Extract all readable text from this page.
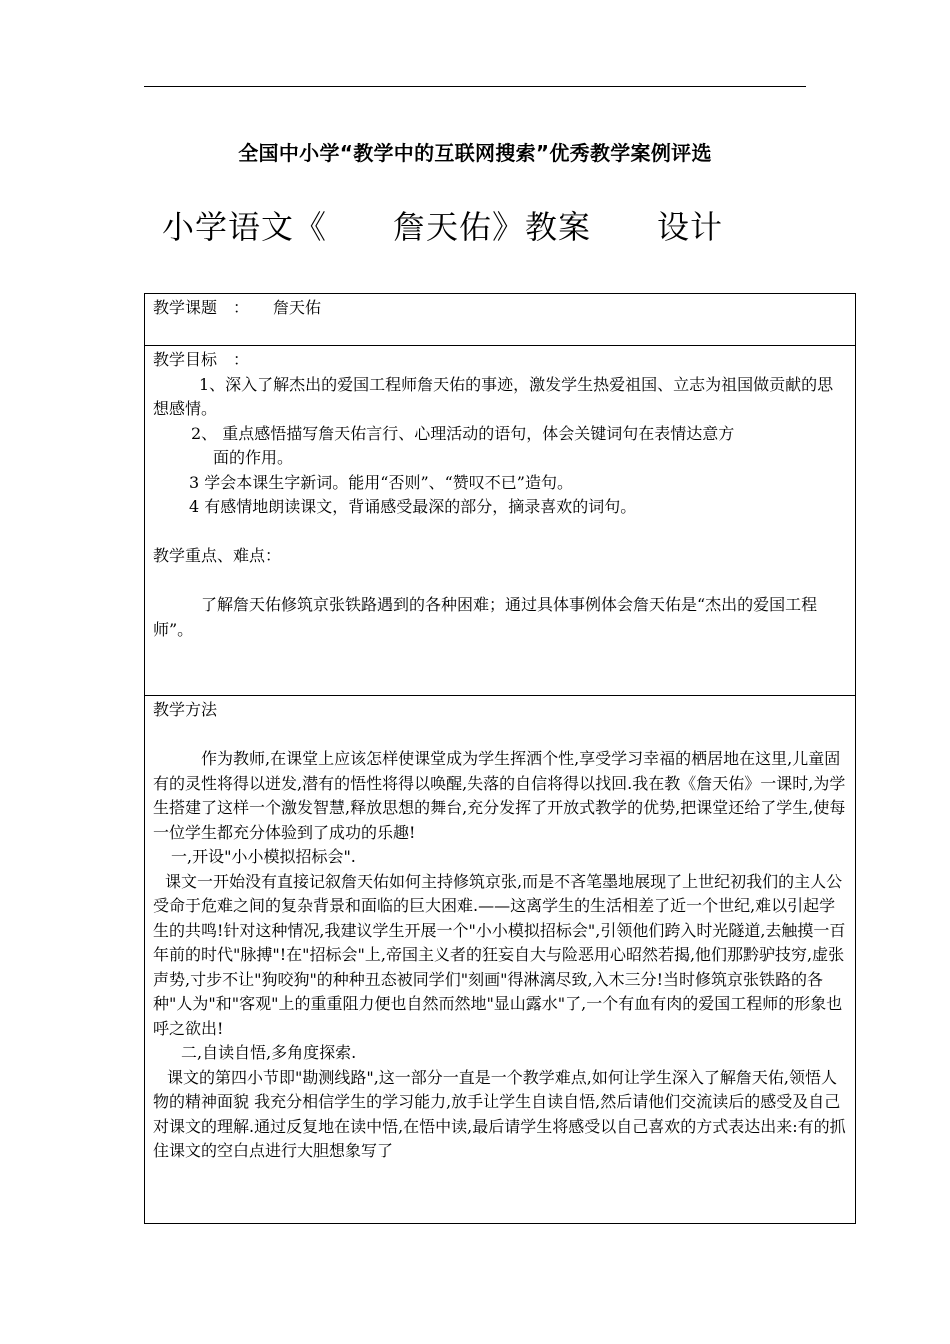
全国中小学“教学中的互联网搜索”优秀教学案例评选
小学语文《　　詹天佑》教案　　设计
教学课题　：　　詹天佑

教学目标　：
1、深入了解杰出的爱国工程师詹天佑的事迹，激发学生热爱祖国、立志为祖国做贡献的思想感情。
2、 重点感悟描写詹天佑言行、心理活动的语句，体会关键词句在表情达意方
面的作用。
3 学会本课生字新词。能用“否则”、“赞叹不已”造句。
4 有感情地朗读课文，背诵感受最深的部分，摘录喜欢的词句。
教学重点、难点：
了解詹天佑修筑京张铁路遇到的各种困难；通过具体事例体会詹天佑是“杰出的爱国工程师”。

教学方法
作为教师,在课堂上应该怎样使课堂成为学生挥洒个性,享受学习幸福的栖居地在这里,儿童固有的灵性将得以迸发,潜有的悟性将得以唤醒,失落的自信将得以找回.我在教《詹天佑》一课时,为学生搭建了这样一个激发智慧,释放思想的舞台,充分发挥了开放式教学的优势,把课堂还给了学生,使每一位学生都充分体验到了成功的乐趣!
一,开设"小小模拟招标会".
课文一开始没有直接记叙詹天佑如何主持修筑京张,而是不吝笔墨地展现了上世纪初我们的主人公受命于危难之间的复杂背景和面临的巨大困难.——这离学生的生活相差了近一个世纪,难以引起学生的共鸣!针对这种情况,我建议学生开展一个"小小模拟招标会",引领他们跨入时光隧道,去触摸一百年前的时代"脉搏"!在"招标会"上,帝国主义者的狂妄自大与险恶用心昭然若揭,他们那黔驴技穷,虚张声势,寸步不让"狗咬狗"的种种丑态被同学们"刻画"得淋漓尽致,入木三分!当时修筑京张铁路的各种"人为"和"客观"上的重重阻力便也自然而然地"显山露水"了,一个有血有肉的爱国工程师的形象也呼之欲出!
二,自读自悟,多角度探索.
课文的第四小节即"勘测线路",这一部分一直是一个教学难点,如何让学生深入了解詹天佑,领悟人物的精神面貌 我充分相信学生的学习能力,放手让学生自读自悟,然后请他们交流读后的感受及自己对课文的理解.通过反复地在读中悟,在悟中读,最后请学生将感受以自己喜欢的方式表达出来:有的抓住课文的空白点进行大胆想象写了
